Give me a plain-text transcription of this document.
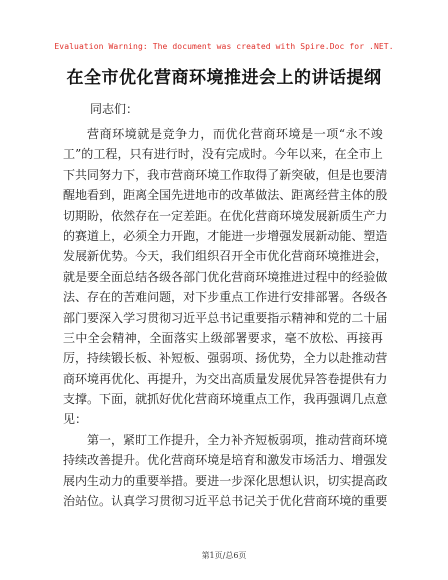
Evaluation Warning: The document was created with Spire.Doc for .NET.
在全市优化营商环境推进会上的讲话提纲
同志们：
营 商 环 境 就 是 竞 争 力 ， 而 优 化 营 商 环 境 是 一 项 “ 永 不 竣
工 ” 的 工 程 ， 只 有 进 行 时 ， 没 有 完 成 时 。 今 年 以 来 ， 在 全 市 上
下 共 同 努 力 下 ， 我 市 营 商 环 境 工 作 取 得 了 新 突 破 ， 但 是 也 要 清
醒 地 看 到 ， 距 离 全 国 先 进 地 市 的 改 革 做 法 、 距 离 经 营 主 体 的 殷
切 期 盼 ， 依 然 存 在 一 定 差 距 。 在 优 化 营 商 环 境 发 展 新 质 生 产 力
的 赛 道 上 ， 必 须 全 力 开 跑 ， 才 能 进 一 步 增 强 发 展 新 动 能 、 塑 造
发 展 新 优 势 。 今 天 ， 我 们 组 织 召 开 全 市 优 化 营 商 环 境 推 进 会 ，
就 是 要 全 面 总 结 各 级 各 部 门 优 化 营 商 环 境 推 进 过 程 中 的 经 验 做
法 、 存 在 的 苦 难 问 题 ， 对 下 步 重 点 工 作 进 行 安 排 部 署 。 各 级 各
部 门 要 深 入 学 习 贯 彻 习 近 平 总 书 记 重 要 指 示 精 神 和 党 的 二 十 届
三 中 全 会 精 神 ， 全 面 落 实 上 级 部 署 要 求 ， 毫 不 放 松 、 再 接 再
厉 ， 持 续 锻 长 板 、 补 短 板 、 强 弱 项 、 扬 优 势 ， 全 力 以 赴 推 动 营
商 环 境 再 优 化 、 再 提 升 ， 为 交 出 高 质 量 发 展 优 异 答 卷 提 供 有 力
支 撑 。 下 面 ， 就 抓 好 优 化 营 商 环 境 重 点 工 作 ， 我 再 强 调 几 点 意
见：
第 一 ， 紧 盯 工 作 提 升 ， 全 力 补 齐 短 板 弱 项 ， 推 动 营 商 环 境
持 续 改 善 提 升 。 优 化 营 商 环 境 是 培 育 和 激 发 市 场 活 力 、 增 强 发
展 内 生 动 力 的 重 要 举 措 。 要 进 一 步 深 化 思 想 认 识 ， 切 实 提 高 政
治 站 位 。 认 真 学 习 贯 彻 习 近 平 总 书 记 关 于 优 化 营 商 环 境 的 重 要
第1页/总6页
